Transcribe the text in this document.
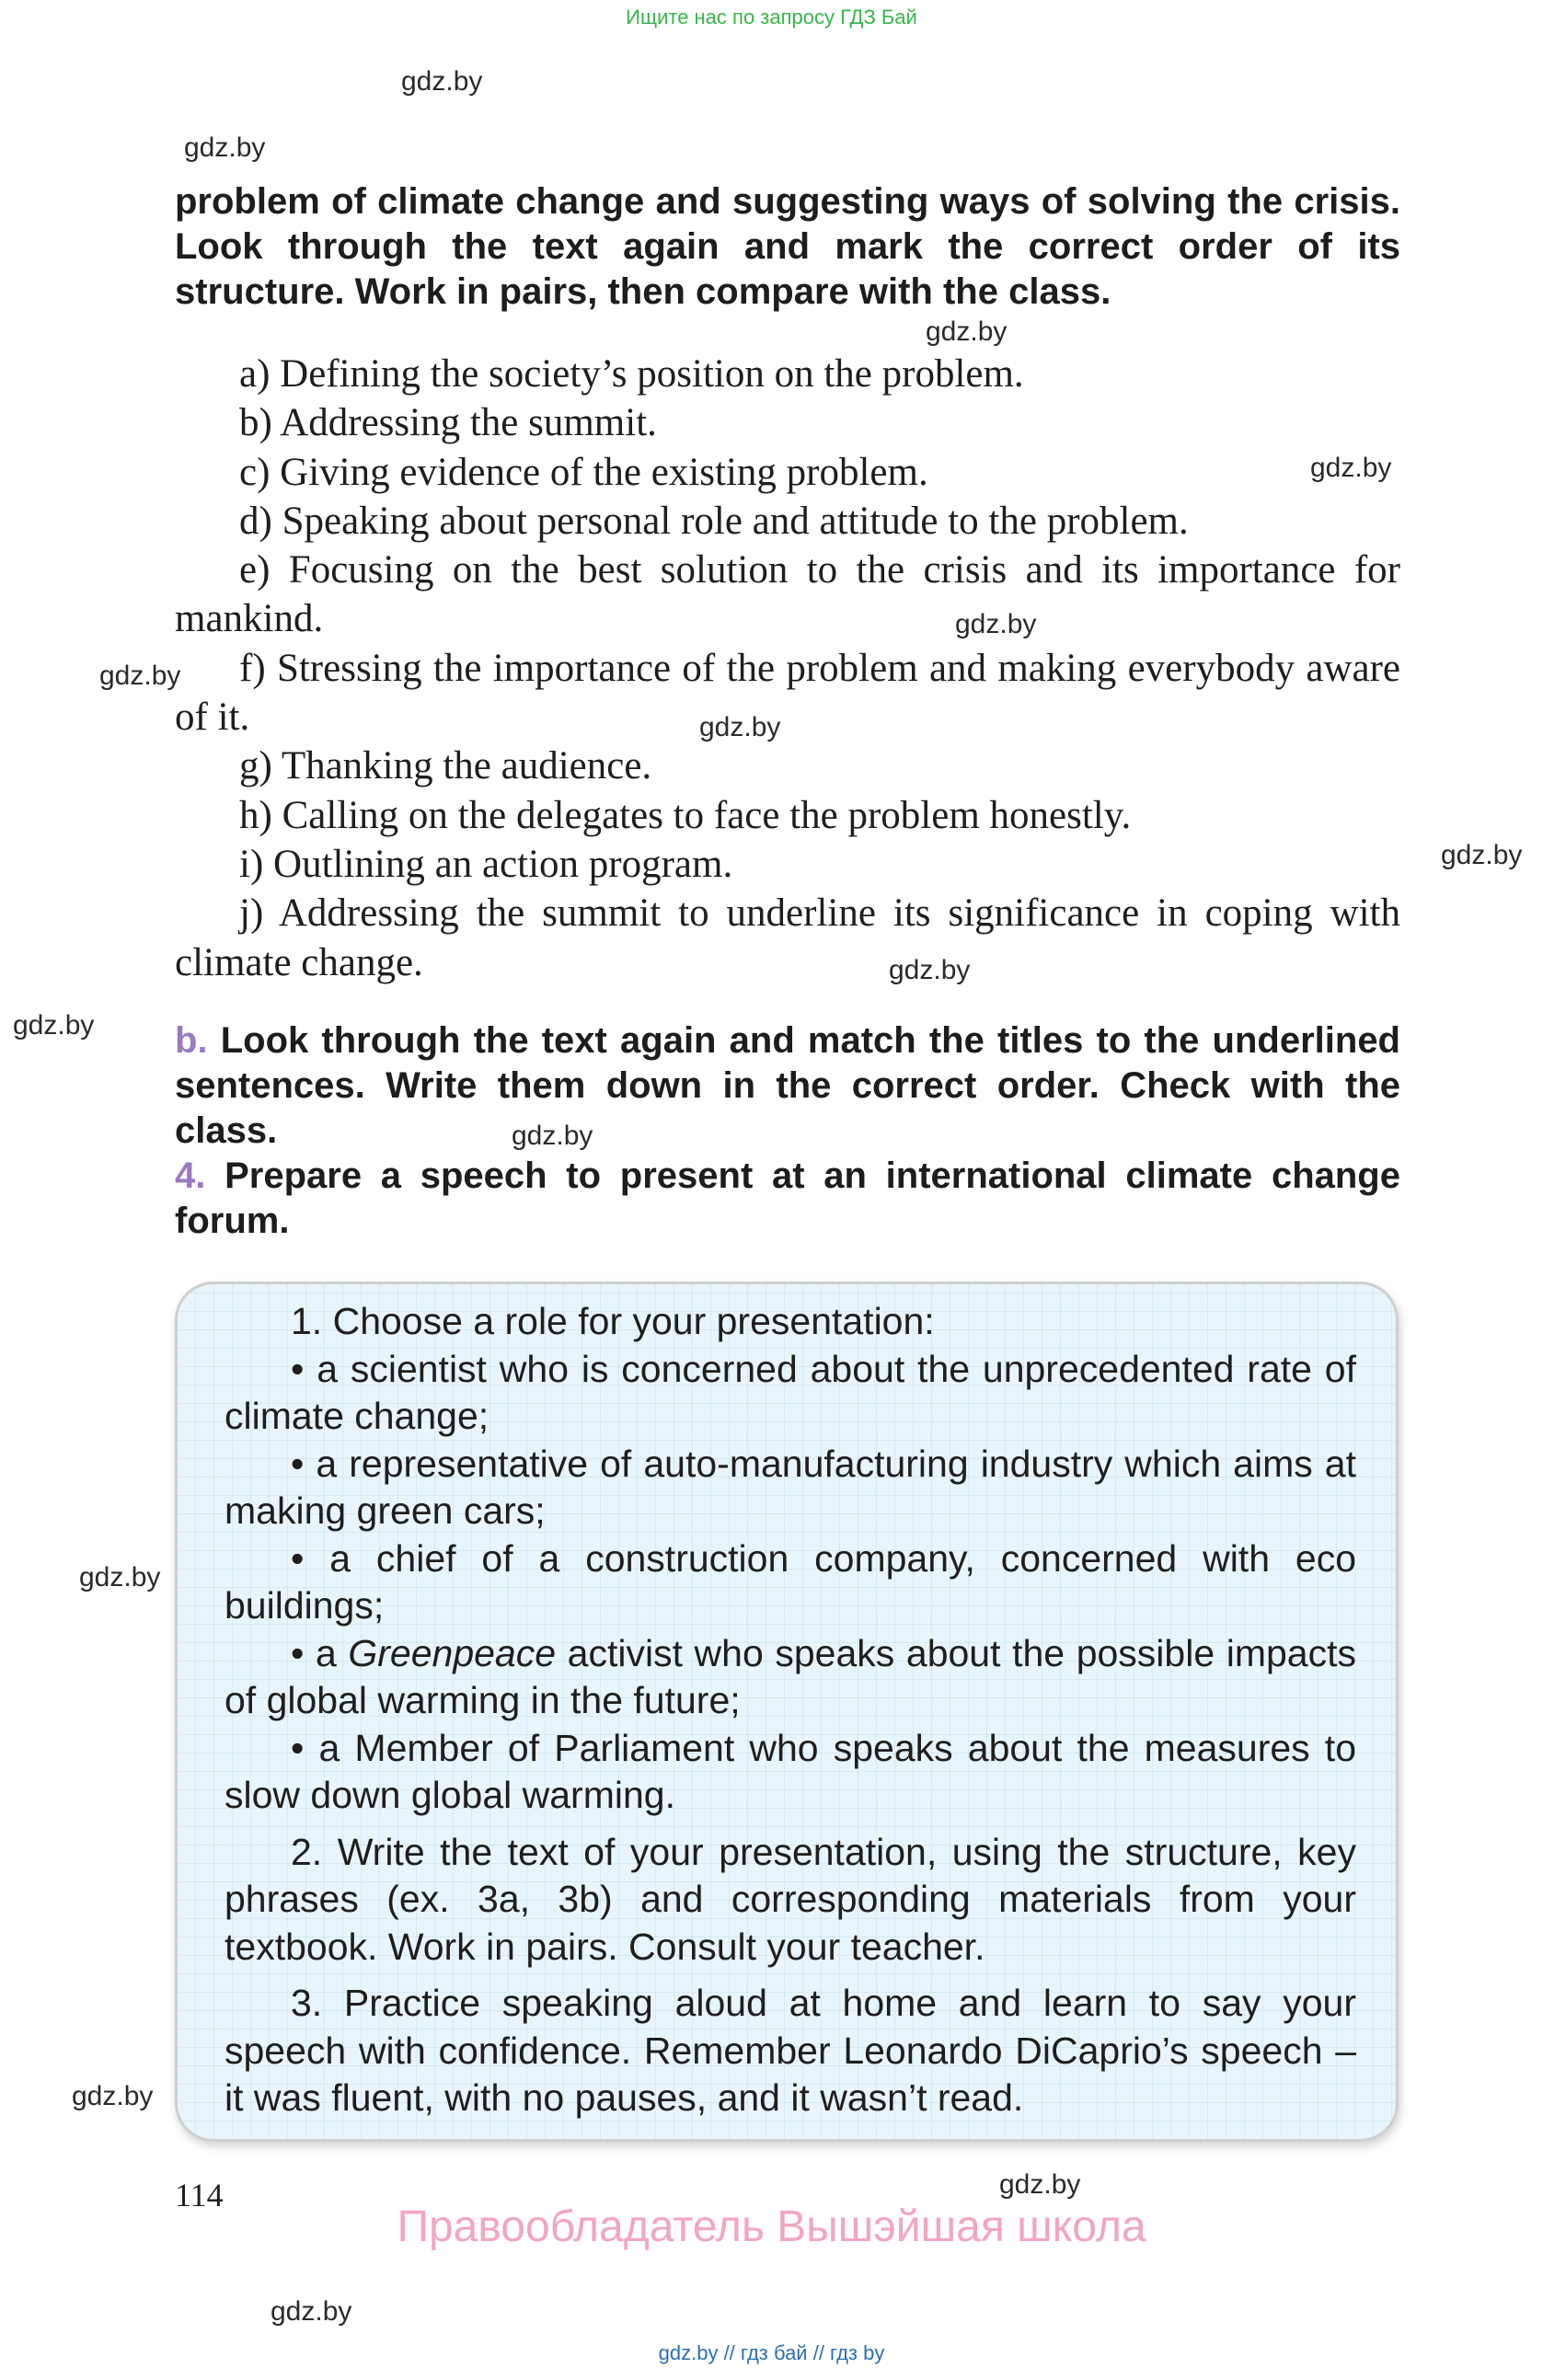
Ищите нас по запросу ГДЗ Бай
gdz.by
gdz.by
gdz.by
gdz.by
gdz.by
gdz.by
gdz.by
gdz.by
gdz.by
gdz.by
gdz.by
gdz.by
gdz.by
gdz.by
gdz.by

problem of climate change and suggesting ways of solving the crisis. Look through the text again and mark the correct order of its structure. Work in pairs, then compare with the class.

a) Defining the society’s position on the problem.
b) Addressing the summit.
c) Giving evidence of the existing problem.
d) Speaking about personal role and attitude to the problem.
e) Focusing on the best solution to the crisis and its importance for mankind.
f) Stressing the importance of the problem and making everybody aware of it.
g) Thanking the audience.
h) Calling on the delegates to face the problem honestly.
i) Outlining an action program.
j) Addressing the summit to underline its significance in coping with climate change.

b. Look through the text again and match the titles to the underlined sentences. Write them down in the correct order. Check with the class.

4. Prepare a speech to present at an international climate change forum.

1. Choose a role for your presentation:

• a scientist who is concerned about the unprecedented rate of climate change;

• a representative of auto-manufacturing industry which aims at making green cars;

• a chief of a construction company, concerned with eco buildings;

• a Greenpeace activist who speaks about the possible impacts of global warming in the future;

• a Member of Parliament who speaks about the measures to slow down global warming.

2. Write the text of your presentation, using the structure, key phrases (ex. 3a, 3b) and corresponding materials from your textbook. Work in pairs. Consult your teacher.

3. Practice speaking aloud at home and learn to say your speech with confidence. Remember Leonardo DiCaprio’s speech – it was fluent, with no pauses, and it wasn’t read.

114
Правообладатель Вышэйшая школа
gdz.by // гдз бай // гдз by
